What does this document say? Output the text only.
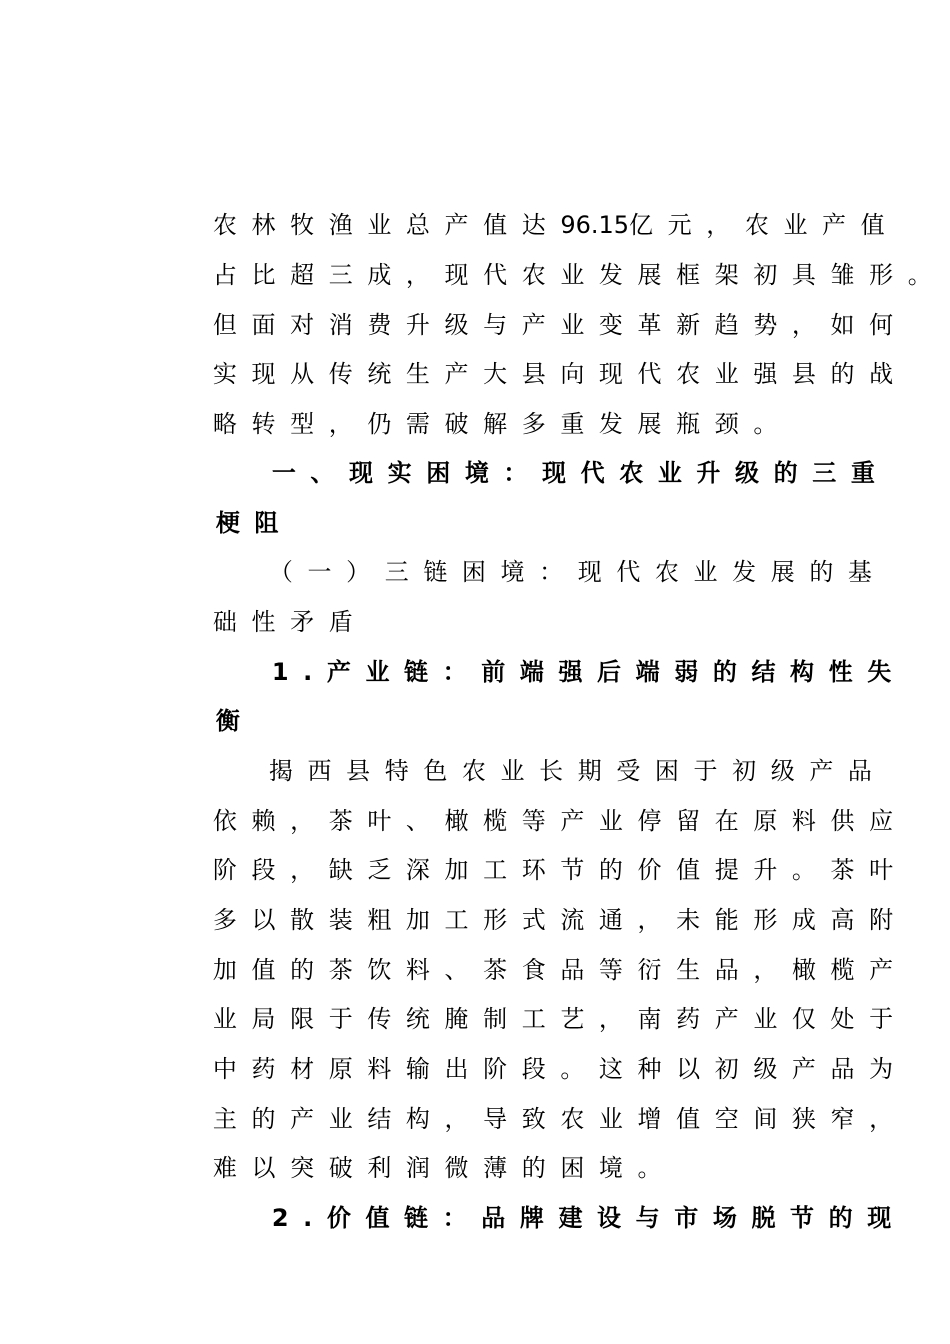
农林牧渔业总产值达96.15亿元，农业产值

占比超三成，现代农业发展框架初具雏形。

但面对消费升级与产业变革新趋势，如何

实现从传统生产大县向现代农业强县的战

略转型，仍需破解多重发展瓶颈。

一、现实困境：现代农业升级的三重

梗阻

（一）三链困境：现代农业发展的基

础性矛盾

1.产业链：前端强后端弱的结构性失

衡

揭西县特色农业长期受困于初级产品

依赖，茶叶、橄榄等产业停留在原料供应

阶段，缺乏深加工环节的价值提升。茶叶

多以散装粗加工形式流通，未能形成高附

加值的茶饮料、茶食品等衍生品，橄榄产

业局限于传统腌制工艺，南药产业仅处于

中药材原料输出阶段。这种以初级产品为

主的产业结构，导致农业增值空间狭窄，

难以突破利润微薄的困境。

2.价值链：品牌建设与市场脱节的现
